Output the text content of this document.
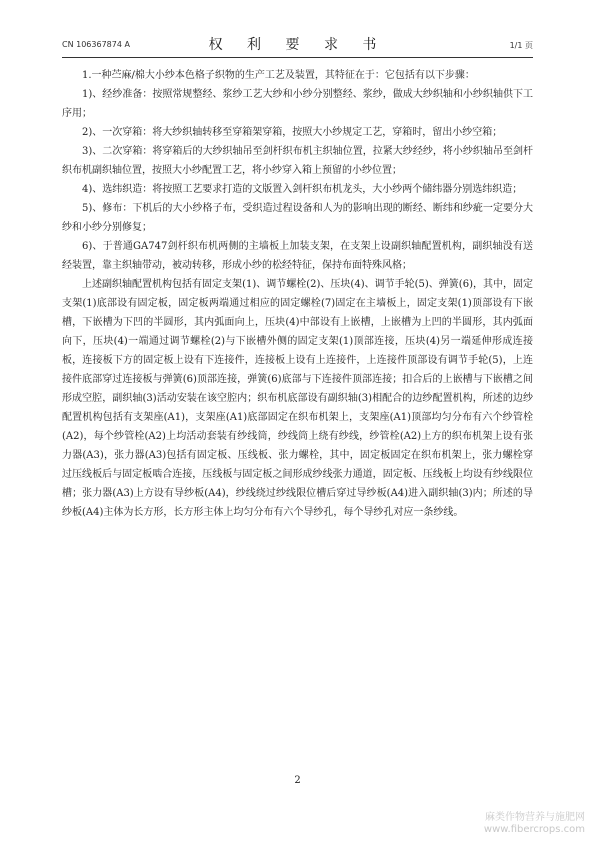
CN 106367874 A	权 利 要 求 书	1/1 页

1.一种苎麻/棉大小纱本色格子织物的生产工艺及装置，其特征在于：它包括有以下步骤：

1)、经纱准备：按照常规整经、浆纱工艺大纱和小纱分别整经、浆纱，做成大纱织轴和小纱织轴供下工序用；

2)、一次穿箱：将大纱织轴转移至穿箱架穿箱，按照大小纱规定工艺，穿箱时，留出小纱空箱；

3)、二次穿箱：将穿箱后的大纱织轴吊至剑杆织布机主织轴位置，拉紧大纱经纱，将小纱织轴吊至剑杆织布机副织轴位置，按照大小纱配置工艺，将小纱穿入箱上预留的小纱位置；

4)、选纬织造：将按照工艺要求打造的文版置入剑杆织布机龙头，大小纱两个储纬器分别选纬织造；

5)、修布：下机后的大小纱格子布，受织造过程设备和人为的影响出现的断经、断纬和纱疵一定要分大纱和小纱分别修复；

6)、于普通GA747剑杆织布机两侧的主墙板上加装支架，在支架上设副织轴配置机构，副织轴没有送经装置，靠主织轴带动，被动转移，形成小纱的松经特征，保持布面特殊风格；

上述副织轴配置机构包括有固定支架(1)、调节螺栓(2)、压块(4)、调节手轮(5)、弹簧(6)，其中，固定支架(1)底部设有固定板，固定板两端通过相应的固定螺栓(7)固定在主墙板上，固定支架(1)顶部设有下嵌槽，下嵌槽为下凹的半圆形，其内弧面向上，压块(4)中部设有上嵌槽，上嵌槽为上凹的半圆形，其内弧面向下，压块(4)一端通过调节螺栓(2)与下嵌槽外侧的固定支架(1)顶部连接，压块(4)另一端延伸形成连接板，连接板下方的固定板上设有下连接件，连接板上设有上连接件，上连接件顶部设有调节手轮(5)，上连接件底部穿过连接板与弹簧(6)顶部连接，弹簧(6)底部与下连接件顶部连接；扣合后的上嵌槽与下嵌槽之间形成空腔，副织轴(3)活动安装在该空腔内；织布机底部设有副织轴(3)相配合的边纱配置机构，所述的边纱配置机构包括有支架座(A1)，支架座(A1)底部固定在织布机架上，支架座(A1)顶部均匀分布有六个纱管栓(A2)，每个纱管栓(A2)上均活动套装有纱线筒，纱线筒上绕有纱线，纱管栓(A2)上方的织布机架上设有张力器(A3)，张力器(A3)包括有固定板、压线板、张力螺栓，其中，固定板固定在织布机架上，张力螺栓穿过压线板后与固定板啮合连接，压线板与固定板之间形成纱线张力通道，固定板、压线板上均设有纱线限位槽；张力器(A3)上方设有导纱板(A4)，纱线绕过纱线限位槽后穿过导纱板(A4)进入副织轴(3)内；所述的导纱板(A4)主体为长方形，长方形主体上均匀分布有六个导纱孔，每个导纱孔对应一条纱线。

2
麻类作物营养与施肥网
www.fibercrops.com
